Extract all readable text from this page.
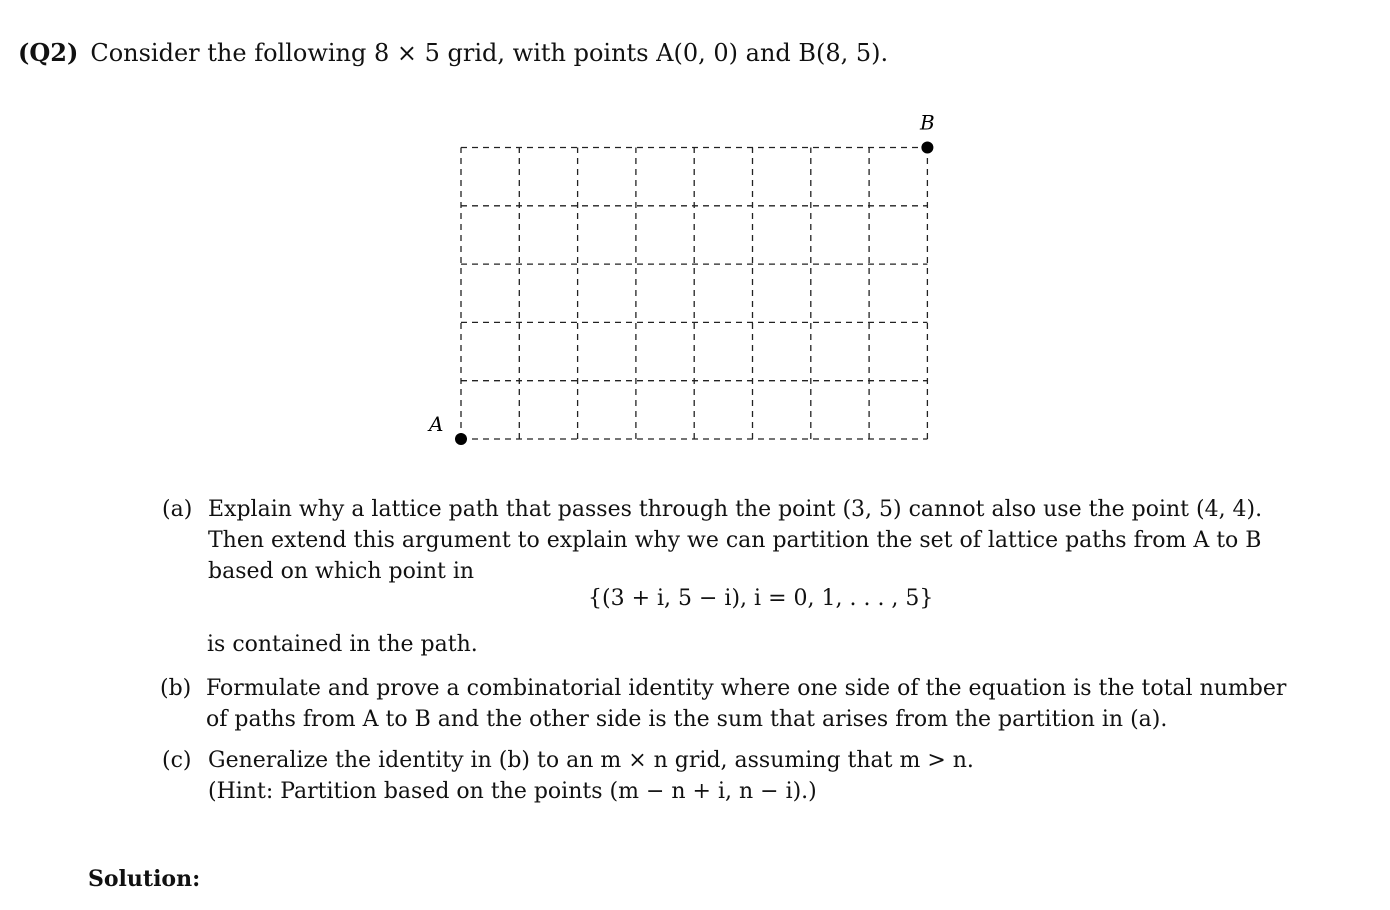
(Q2) Consider the following 8 × 5 grid, with points A(0, 0) and B(8, 5).
A
B
(a) Explain why a lattice path that passes through the point (3, 5) cannot also use the point (4, 4).
Then extend this argument to explain why we can partition the set of lattice paths from A to B
based on which point in
{(3 + i, 5 − i), i = 0, 1, . . . , 5}
is contained in the path.
(b) Formulate and prove a combinatorial identity where one side of the equation is the total number
of paths from A to B and the other side is the sum that arises from the partition in (a).
(c) Generalize the identity in (b) to an m × n grid, assuming that m > n.
(Hint: Partition based on the points (m − n + i, n − i).)
Solution:
